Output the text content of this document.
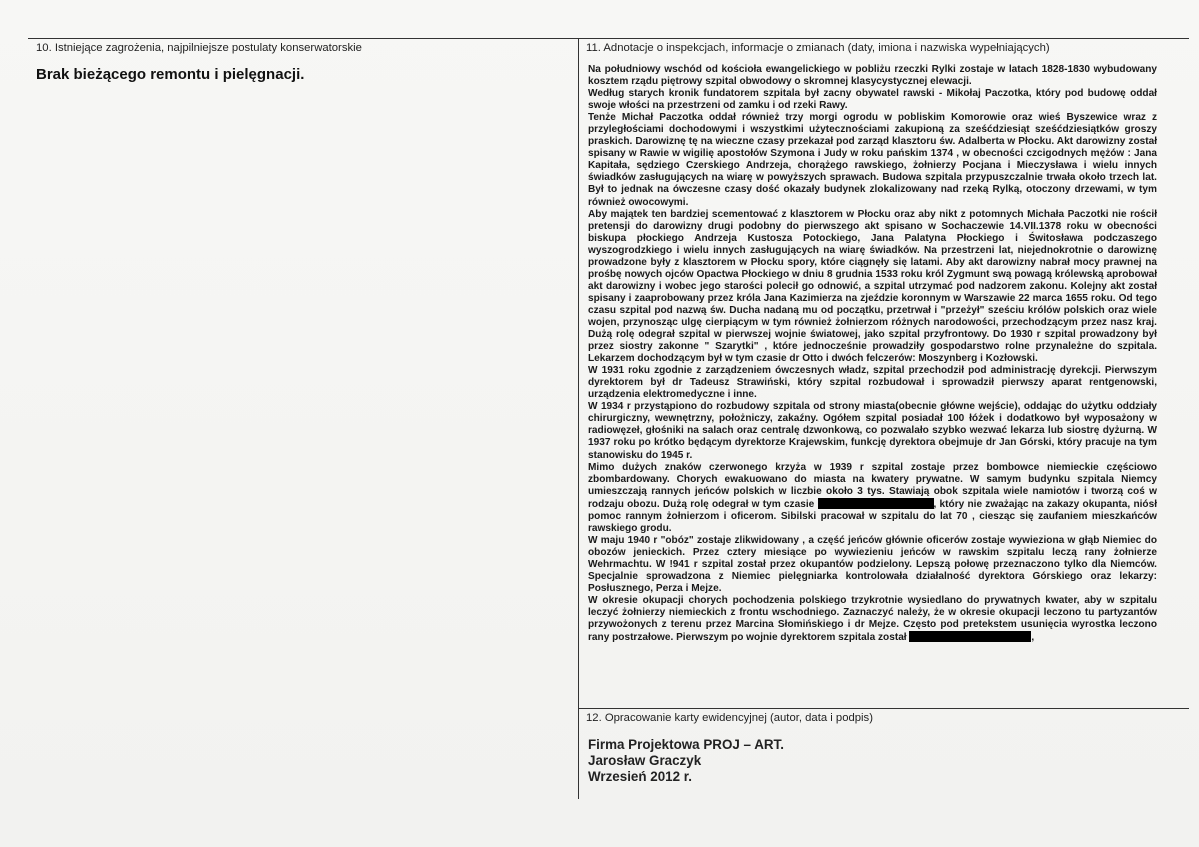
10. Istniejące zagrożenia, najpilniejsze postulaty konserwatorskie
Brak bieżącego remontu i pielęgnacji.
11. Adnotacje o inspekcjach, informacje o zmianach (daty, imiona i nazwiska wypełniających)

Na południowy wschód od kościoła ewangelickiego w pobliżu rzeczki Rylki zostaje w latach 1828-1830 wybudowany kosztem rządu piętrowy szpital obwodowy o skromnej klasycystycznej elewacji.

Według starych kronik fundatorem szpitala był zacny obywatel rawski - Mikołaj Paczotka, który pod budowę oddał swoje włości na przestrzeni od zamku i od rzeki Rawy.

Tenże Michał Paczotka oddał również trzy morgi ogrodu w pobliskim Komorowie oraz wieś Byszewice wraz z przyległościami dochodowymi i wszystkimi użytecznościami zakupioną za sześćdziesiąt sześćdziesiątków groszy praskich. Darowiznę tę na wieczne czasy przekazał pod zarząd klasztoru św. Adalberta w Płocku. Akt darowizny został spisany w Rawie w wigilię apostołów Szymona i Judy w roku pańskim 1374 , w obecności czcigodnych mężów : Jana Kapitała, sędziego Czerskiego Andrzeja, chorążego rawskiego, żołnierzy Pocjana i Mieczysława i wielu innych świadków zasługujących na wiarę w powyższych sprawach. Budowa szpitala przypuszczalnie trwała około trzech lat. Był to jednak na ówczesne czasy dość okazały budynek zlokalizowany nad rzeką Rylką, otoczony drzewami, w tym również owocowymi.

Aby majątek ten bardziej scementować z klasztorem w Płocku oraz aby nikt z potomnych Michała Paczotki nie rościł pretensji do darowizny drugi podobny do pierwszego akt spisano w Sochaczewie 14.VII.1378 roku w obecności biskupa płockiego Andrzeja Kustosza Potockiego, Jana Palatyna Płockiego i Świtosława podczaszego wyszogrodzkiego i wielu innych zasługujących na wiarę świadków. Na przestrzeni lat, niejednokrotnie o darowiznę prowadzone były z klasztorem w Płocku spory, które ciągnęły się latami. Aby akt darowizny nabrał mocy prawnej na prośbę nowych ojców Opactwa Płockiego w dniu 8 grudnia 1533 roku król Zygmunt swą powagą królewską aprobował akt darowizny i wobec jego starości polecił go odnowić, a szpital utrzymać pod nadzorem zakonu. Kolejny akt został spisany i zaaprobowany przez króla Jana Kazimierza na zjeździe koronnym w Warszawie 22 marca 1655 roku. Od tego czasu szpital pod nazwą św. Ducha nadaną mu od początku, przetrwał i "przeżył" sześciu królów polskich oraz wiele wojen, przynosząc ulgę cierpiącym w tym również żołnierzom różnych narodowości, przechodzącym przez nasz kraj. Dużą rolę odegrał szpital w pierwszej wojnie światowej, jako szpital przyfrontowy. Do 1930 r szpital prowadzony był przez siostry zakonne " Szarytki" , które jednocześnie prowadziły gospodarstwo rolne przynależne do szpitala. Lekarzem dochodzącym był w tym czasie dr Otto i dwóch felczerów: Moszynberg i Kozłowski.

W 1931 roku zgodnie z zarządzeniem ówczesnych władz, szpital przechodził pod administrację dyrekcji. Pierwszym dyrektorem był dr Tadeusz Strawiński, który szpital rozbudował i sprowadził pierwszy aparat rentgenowski, urządzenia elektromedyczne i inne.

W 1934 r przystąpiono do rozbudowy szpitala od strony miasta(obecnie główne wejście), oddając do użytku oddziały chirurgiczny, wewnętrzny, położniczy, zakaźny. Ogółem szpital posiadał 100 łóżek i dodatkowo był wyposażony w radiowęzeł, głośniki na salach oraz centralę dzwonkową, co pozwalało szybko wezwać lekarza lub siostrę dyżurną. W 1937 roku po krótko będącym dyrektorze Krajewskim, funkcję dyrektora obejmuje dr Jan Górski, który pracuje na tym stanowisku do 1945 r.

Mimo dużych znaków czerwonego krzyża w 1939 r szpital zostaje przez bombowce niemieckie częściowo zbombardowany. Chorych ewakuowano do miasta na kwatery prywatne. W samym budynku szpitala Niemcy umieszczają rannych jeńców polskich w liczbie około 3 tys. Stawiają obok szpitala wiele namiotów i tworzą coś w rodzaju obozu. Dużą rolę odegrał w tym czasie	, który nie zważając na zakazy okupanta, niósł pomoc rannym żołnierzom i oficerom. Sibilski pracował w szpitalu do lat 70 , ciesząc się zaufaniem mieszkańców rawskiego grodu.

W maju 1940 r "obóz" zostaje zlikwidowany , a część jeńców głównie oficerów zostaje wywieziona w głąb Niemiec do obozów jenieckich. Przez cztery miesiące po wywiezieniu jeńców w rawskim szpitalu leczą rany żołnierze Wehrmachtu. W !941 r szpital został przez okupantów podzielony. Lepszą połowę przeznaczono tylko dla Niemców. Specjalnie sprowadzona z Niemiec pielęgniarka kontrolowała działalność dyrektora Górskiego oraz lekarzy: Posłusznego, Perza i Mejze.

W okresie okupacji chorych pochodzenia polskiego trzykrotnie wysiedlano do prywatnych kwater, aby w szpitalu leczyć żołnierzy niemieckich z frontu wschodniego. Zaznaczyć należy, że w okresie okupacji leczono tu partyzantów przywożonych z terenu przez Marcina Słomińskiego i dr Mejze. Często pod pretekstem usunięcia wyrostka leczono rany postrzałowe. Pierwszym po wojnie dyrektorem szpitala został	,

12. Opracowanie karty ewidencyjnej (autor, data i podpis)
Firma Projektowa PROJ – ART.
Jarosław Graczyk
Wrzesień 2012 r.
